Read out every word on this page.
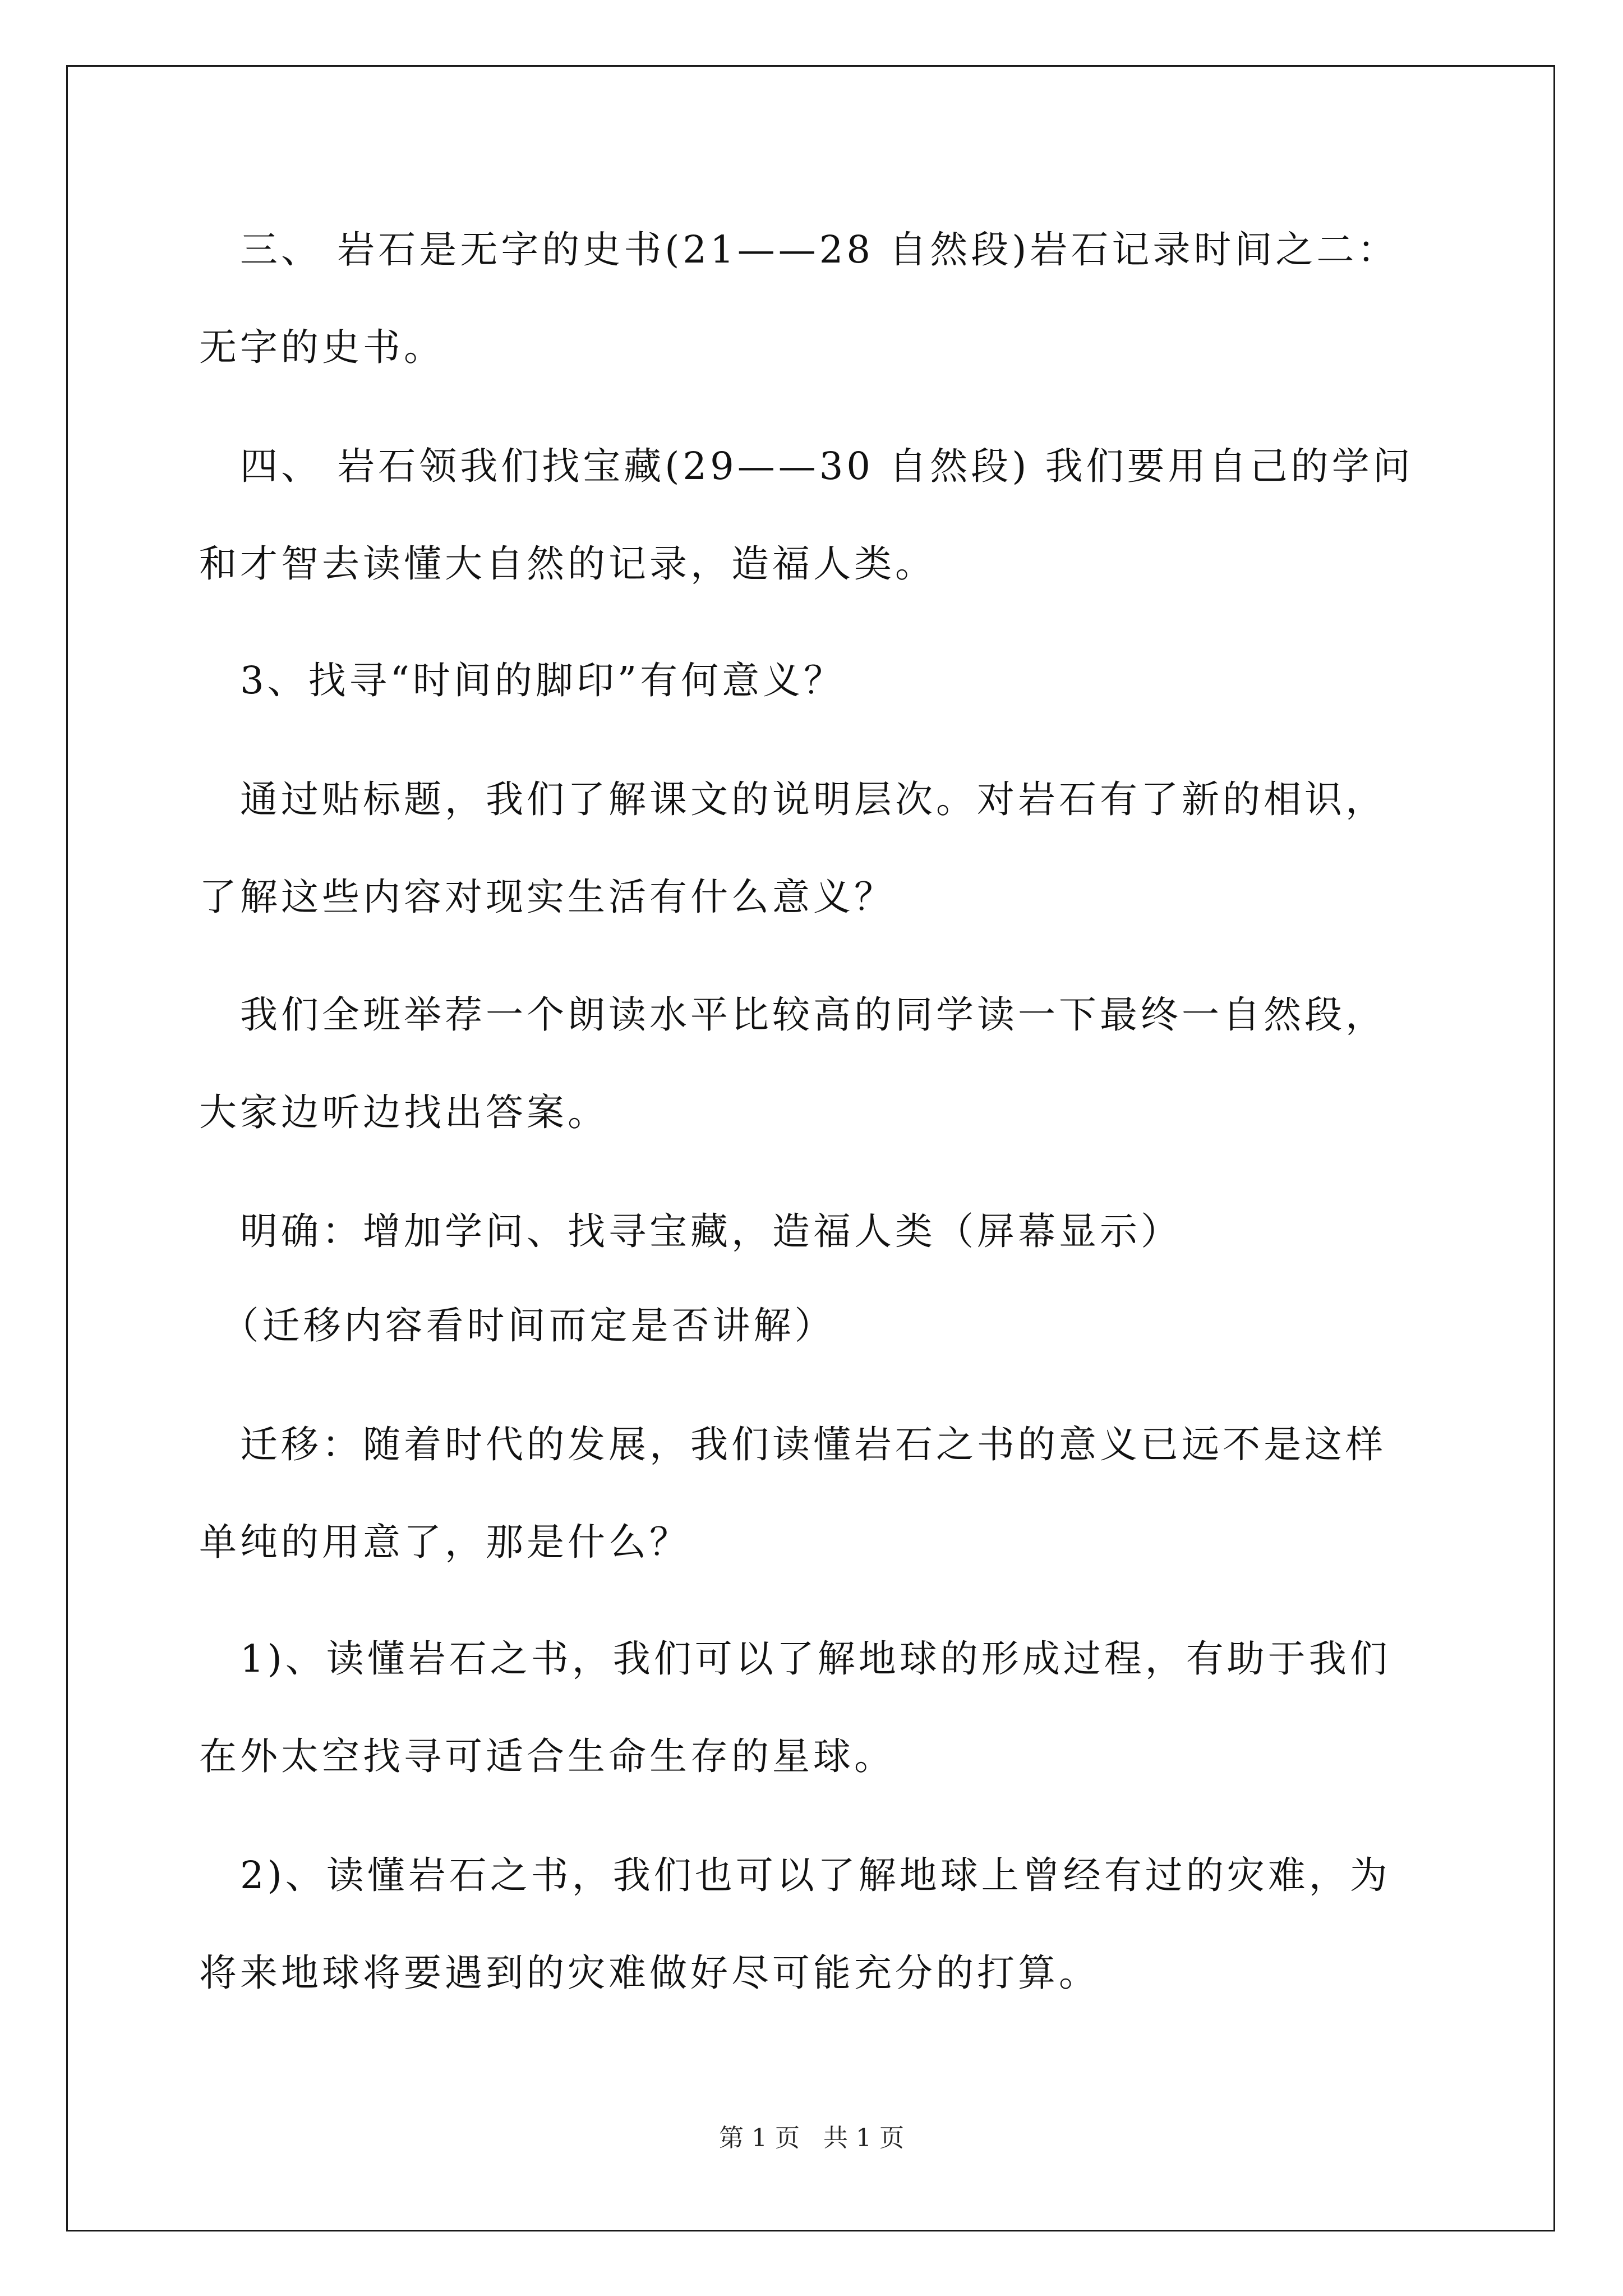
　三、 岩石是无字的史书(21——28 自然段)岩石记录时间之二：
无字的史书。
　四、 岩石领我们找宝藏(29——30 自然段) 我们要用自己的学问
和才智去读懂大自然的记录，造福人类。
　3、找寻“时间的脚印”有何意义？
　通过贴标题，我们了解课文的说明层次。对岩石有了新的相识，
了解这些内容对现实生活有什么意义？
　我们全班举荐一个朗读水平比较高的同学读一下最终一自然段，
大家边听边找出答案。
　明确：增加学问、找寻宝藏，造福人类（屏幕显示）
　（迁移内容看时间而定是否讲解）
　迁移：随着时代的发展，我们读懂岩石之书的意义已远不是这样
单纯的用意了，那是什么？
　1)、读懂岩石之书，我们可以了解地球的形成过程，有助于我们
在外太空找寻可适合生命生存的星球。
　2)、读懂岩石之书，我们也可以了解地球上曾经有过的灾难，为
将来地球将要遇到的灾难做好尽可能充分的打算。
第 1 页 共 1 页
